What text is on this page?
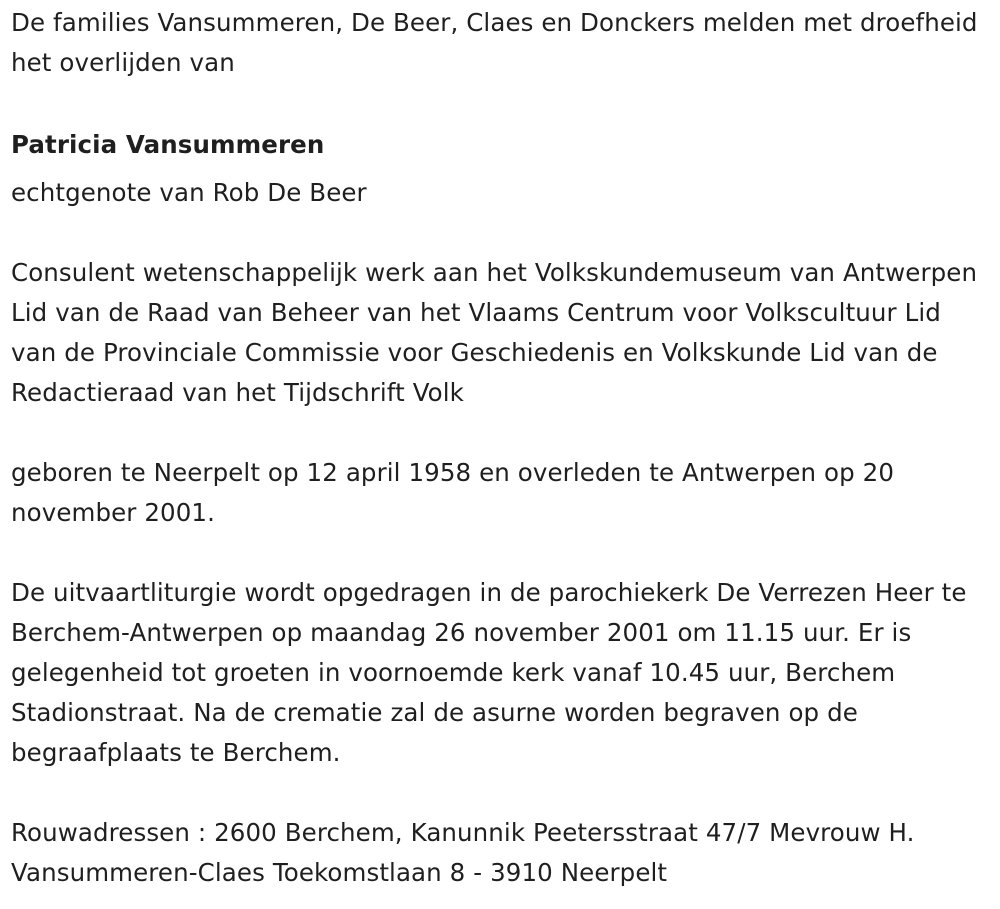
De families Vansummeren, De Beer, Claes en Donckers melden met droefheid het overlijden van

Patricia Vansummeren

echtgenote van Rob De Beer

Consulent wetenschappelijk werk aan het Volkskundemuseum van Antwerpen Lid van de Raad van Beheer van het Vlaams Centrum voor Volkscultuur Lid van de Provinciale Commissie voor Geschiedenis en Volkskunde Lid van de Redactieraad van het Tijdschrift Volk

geboren te Neerpelt op 12 april 1958 en overleden te Antwerpen op 20 november 2001.

De uitvaartliturgie wordt opgedragen in de parochiekerk De Verrezen Heer te Berchem-Antwerpen op maandag 26 november 2001 om 11.15 uur. Er is gelegenheid tot groeten in voornoemde kerk vanaf 10.45 uur, Berchem Stadionstraat. Na de crematie zal de asurne worden begraven op de begraafplaats te Berchem.

Rouwadressen : 2600 Berchem, Kanunnik Peetersstraat 47/7 Mevrouw H. Vansummeren-Claes Toekomstlaan 8 - 3910 Neerpelt
